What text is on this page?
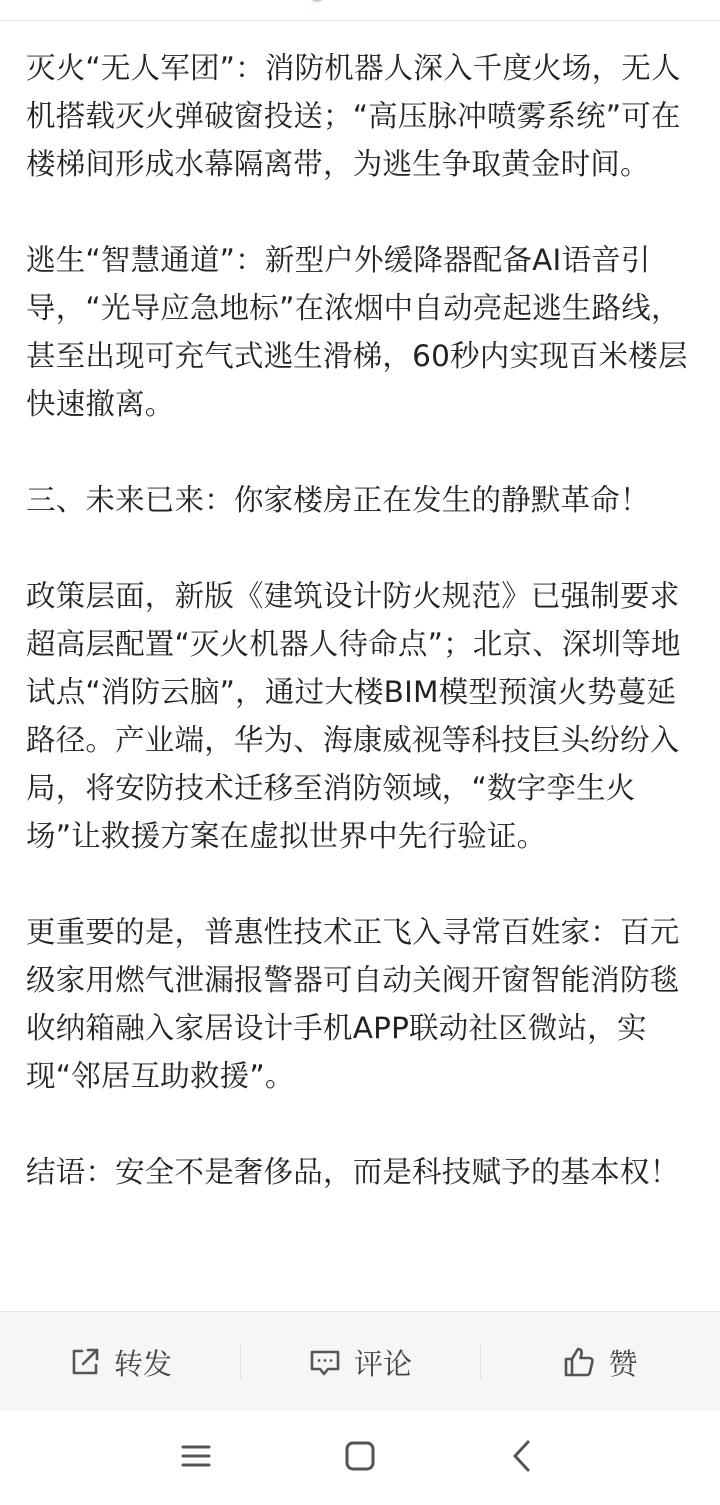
灭火“无人军团”：消防机器人深入千度火场，无人机搭载灭火弹破窗投送；“高压脉冲喷雾系统”可在楼梯间形成水幕隔离带，为逃生争取黄金时间。

逃生“智慧通道”：新型户外缓降器配备AI语音引导，“光导应急地标”在浓烟中自动亮起逃生路线，甚至出现可充气式逃生滑梯，60秒内实现百米楼层快速撤离。

三、未来已来：你家楼房正在发生的静默革命！

政策层面，新版《建筑设计防火规范》已强制要求超高层配置“灭火机器人待命点”；北京、深圳等地试点“消防云脑”，通过大楼BIM模型预演火势蔓延路径。产业端，华为、海康威视等科技巨头纷纷入局，将安防技术迁移至消防领域，“数字孪生火场”让救援方案在虚拟世界中先行验证。

更重要的是，普惠性技术正飞入寻常百姓家：百元级家用燃气泄漏报警器可自动关阀开窗智能消防毯收纳箱融入家居设计手机APP联动社区微站，实现“邻居互助救援”。

结语：安全不是奢侈品，而是科技赋予的基本权！

转发	评论	赞
